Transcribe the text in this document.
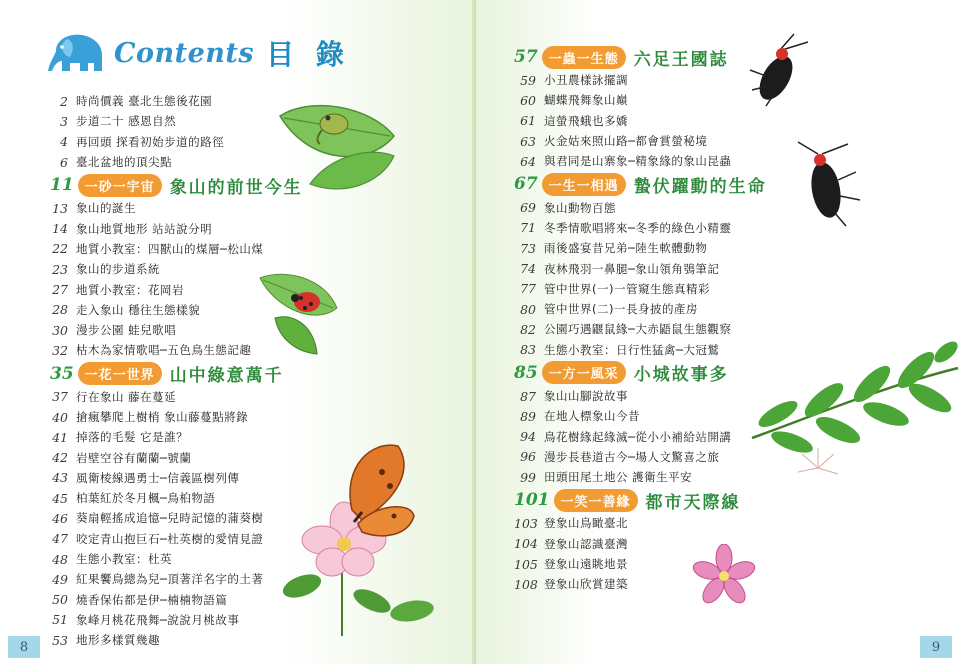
Contents 目 錄
2 時尚價義 臺北生態後花園
3 步道二十 感恩自然
4 再回頭 探看初始步道的路徑
6 臺北盆地的頂尖點
11 一砂一宇宙 象山的前世今生
13 象山的誕生
14 象山地質地形 站站說分明
22 地質小教室：四獸山的煤層─松山煤
23 象山的步道系統
27 地質小教室：花岡岩
28 走入象山 穩往生態樣貌
30 漫步公園 蛙兒歌唱
32 枯木為家情歌唱─五色鳥生態記趣
35 一花一世界 山中綠意萬千
37 行在象山 藤在蔓延
40 搶瘋攀爬上樹梢 象山藤蔓點將錄
41 掉落的毛髮 它是誰？
42 岩壁空谷有蘭蘭─號蘭
43 風衛棱線遇勇士─信義區樹列傳
45 柏葉紅於冬月楓─鳥桕物語
46 葵扇輕搖成追憶─兒時記憶的蒲葵樹
47 咬定青山抱巨石─杜英樹的愛情見證
48 生態小教室：杜英
49 紅果饗鳥總為兒─頂著洋名字的土著
50 燒香保佑都是伊─楠楠物語篇
51 象峰月桃花飛舞─說說月桃故事
53 地形多樣質幾趣
8
57 一蟲一生態 六足王國誌
59 小丑農樣詠擺調
60 蝴蝶飛舞象山巔
61 這螢飛蛾也多嬌
63 火金姑來照山路─都會賞螢秘境
64 與君同是山寨象─精象緣的象山昆蟲
67 一生一相遇 蟄伏躍動的生命
69 象山動物百態
71 冬季情歌唱將來─冬季的綠色小精靈
73 雨後盛宴昔兄弟─陸生軟體動物
74 夜林飛羽一鼻腿─象山領角鴞筆記
77 管中世界(一)一管窺生態真精彩
80 管中世界(二)一長身披的產房
82 公園巧遇鼴鼠緣─大赤鼯鼠生態觀察
83 生態小教室：日行性猛禽─大冠鷲
85 一方一風采 小城故事多
87 象山山腳說故事
89 在地人標象山今昔
94 鳥花樹緣起緣滅─從小小補給站開講
96 漫步長巷道古今─場人文驚喜之旅
99 田頭田尾土地公 護衛生平安
101 一笑一善緣 都市天際線
103 登象山鳥瞰臺北
104 登象山認識臺灣
105 登象山遠眺地景
108 登象山欣賞建築
9
